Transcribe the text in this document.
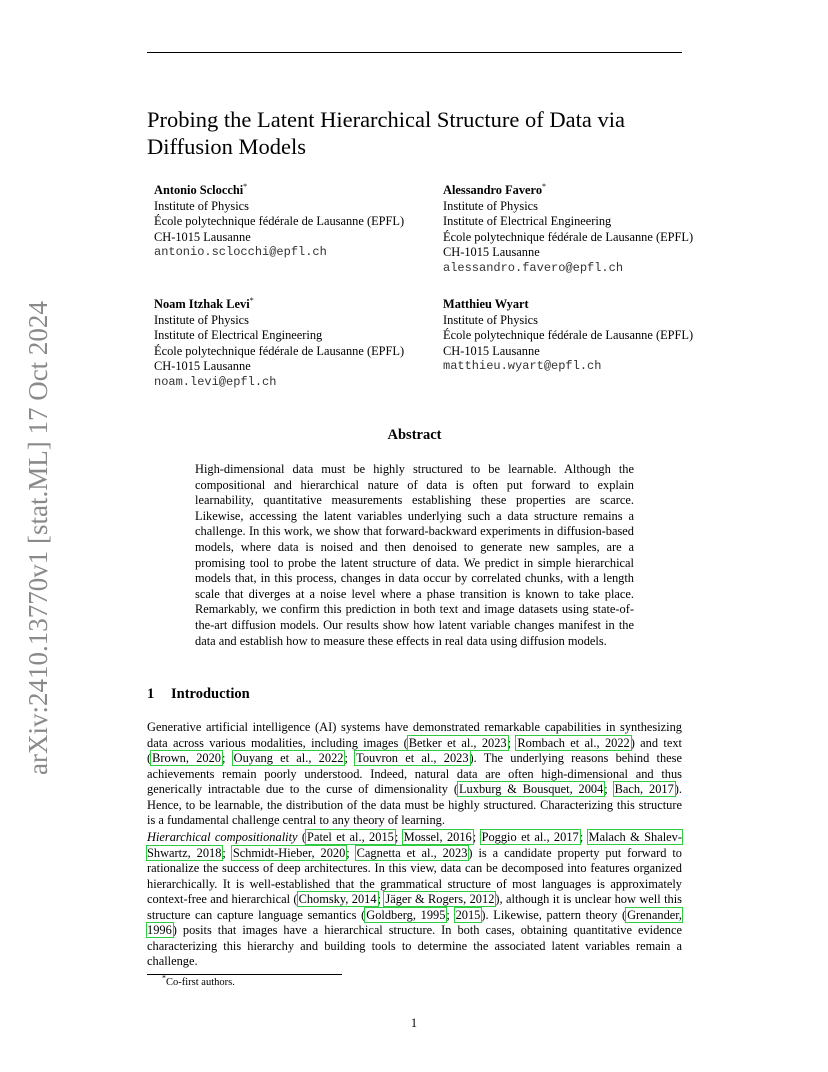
arXiv:2410.13770v1 [stat.ML] 17 Oct 2024
Probing the Latent Hierarchical Structure of Data via Diffusion Models
Antonio Sclocchi*
Institute of Physics
École polytechnique fédérale de Lausanne (EPFL)
CH-1015 Lausanne
antonio.sclocchi@epfl.ch
Alessandro Favero*
Institute of Physics
Institute of Electrical Engineering
École polytechnique fédérale de Lausanne (EPFL)
CH-1015 Lausanne
alessandro.favero@epfl.ch
Noam Itzhak Levi*
Institute of Physics
Institute of Electrical Engineering
École polytechnique fédérale de Lausanne (EPFL)
CH-1015 Lausanne
noam.levi@epfl.ch
Matthieu Wyart
Institute of Physics
École polytechnique fédérale de Lausanne (EPFL)
CH-1015 Lausanne
matthieu.wyart@epfl.ch
Abstract

High-dimensional data must be highly structured to be learnable. Although the compositional and hierarchical nature of data is often put forward to explain learnability, quantitative measurements establishing these properties are scarce. Likewise, accessing the latent variables underlying such a data structure remains a challenge. In this work, we show that forward-backward experiments in diffusion-based models, where data is noised and then denoised to generate new samples, are a promising tool to probe the latent structure of data. We predict in simple hierarchical models that, in this process, changes in data occur by correlated chunks, with a length scale that diverges at a noise level where a phase transition is known to take place. Remarkably, we confirm this prediction in both text and image datasets using state-of-the-art diffusion models. Our results show how latent variable changes manifest in the data and establish how to measure these effects in real data using diffusion models.

1 Introduction

Generative artificial intelligence (AI) systems have demonstrated remarkable capabilities in synthesizing data across various modalities, including images (Betker et al., 2023; Rombach et al., 2022) and text (Brown, 2020; Ouyang et al., 2022; Touvron et al., 2023). The underlying reasons behind these achievements remain poorly understood. Indeed, natural data are often high-dimensional and thus generically intractable due to the curse of dimensionality (Luxburg & Bousquet, 2004; Bach, 2017). Hence, to be learnable, the distribution of the data must be highly structured. Characterizing this structure is a fundamental challenge central to any theory of learning.

Hierarchical compositionality (Patel et al., 2015; Mossel, 2016; Poggio et al., 2017; Malach & Shalev-Shwartz, 2018; Schmidt-Hieber, 2020; Cagnetta et al., 2023) is a candidate property put forward to rationalize the success of deep architectures. In this view, data can be decomposed into features organized hierarchically. It is well-established that the grammatical structure of most languages is approximately context-free and hierarchical (Chomsky, 2014; Jäger & Rogers, 2012), although it is unclear how well this structure can capture language semantics (Goldberg, 1995; 2015). Likewise, pattern theory (Grenander, 1996) posits that images have a hierarchical structure. In both cases, obtaining quantitative evidence characterizing this hierarchy and building tools to determine the associated latent variables remain a challenge.

*Co-first authors.

1
